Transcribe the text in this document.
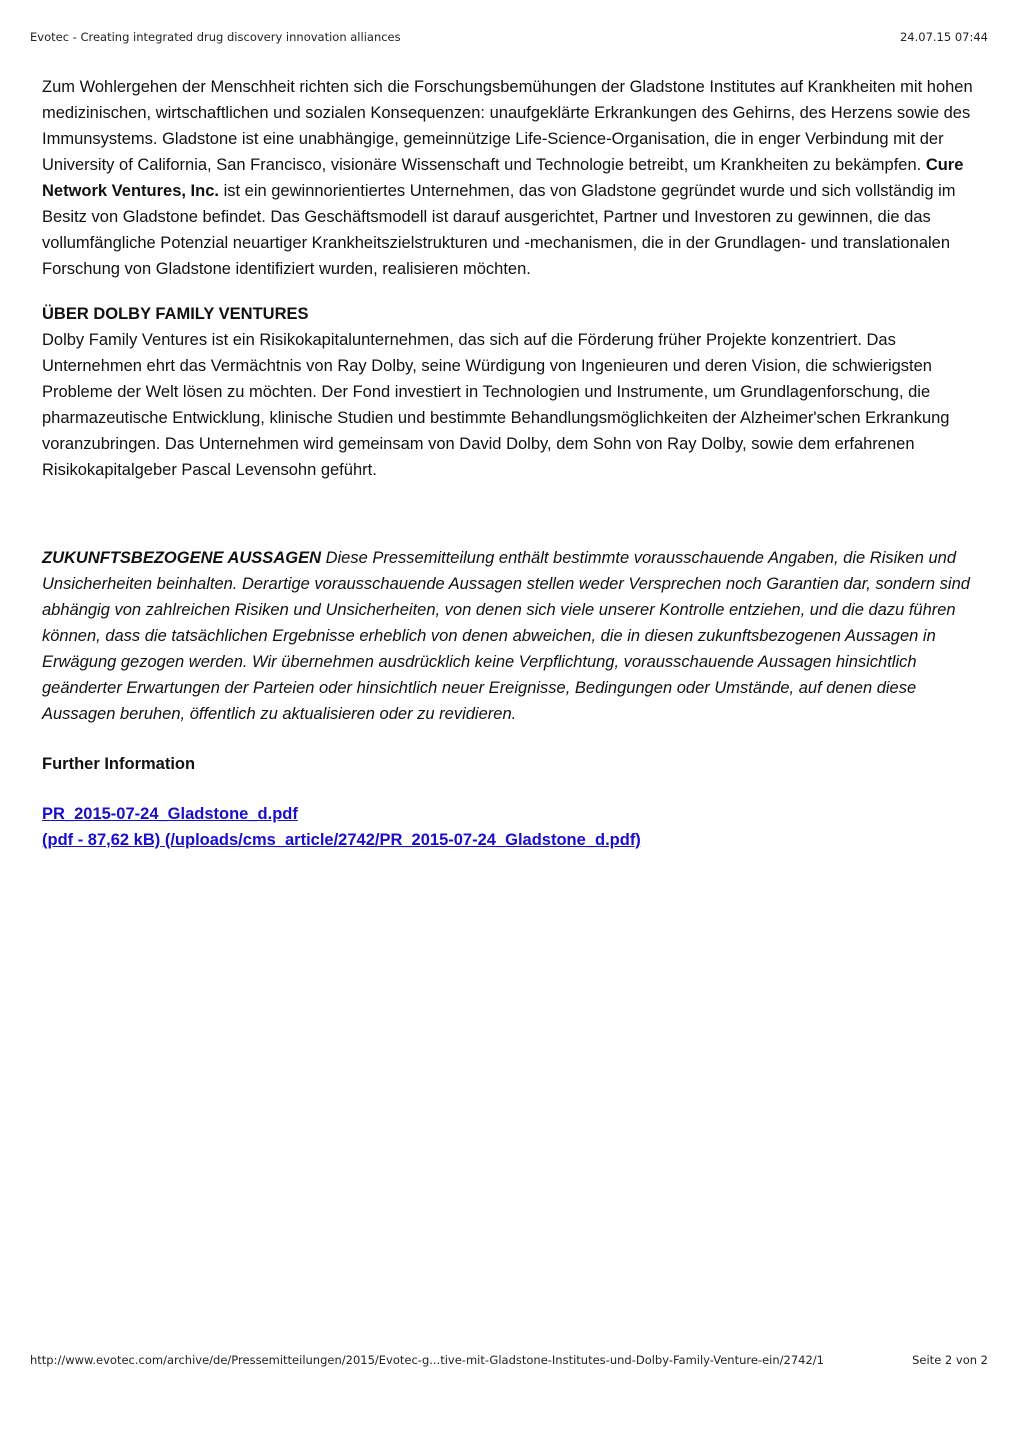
Evotec - Creating integrated drug discovery innovation alliances	24.07.15 07:44

Zum Wohlergehen der Menschheit richten sich die Forschungsbemühungen der Gladstone Institutes auf Krankheiten mit hohen medizinischen, wirtschaftlichen und sozialen Konsequenzen: unaufgeklärte Erkrankungen des Gehirns, des Herzens sowie des Immunsystems. Gladstone ist eine unabhängige, gemeinnützige Life-Science-Organisation, die in enger Verbindung mit der University of California, San Francisco, visionäre Wissenschaft und Technologie betreibt, um Krankheiten zu bekämpfen. Cure Network Ventures, Inc. ist ein gewinnorientiertes Unternehmen, das von Gladstone gegründet wurde und sich vollständig im Besitz von Gladstone befindet. Das Geschäftsmodell ist darauf ausgerichtet, Partner und Investoren zu gewinnen, die das vollumfängliche Potenzial neuartiger Krankheitszielstrukturen und -mechanismen, die in der Grundlagen- und translationalen Forschung von Gladstone identifiziert wurden, realisieren möchten.

ÜBER DOLBY FAMILY VENTURES

Dolby Family Ventures ist ein Risikokapitalunternehmen, das sich auf die Förderung früher Projekte konzentriert. Das Unternehmen ehrt das Vermächtnis von Ray Dolby, seine Würdigung von Ingenieuren und deren Vision, die schwierigsten Probleme der Welt lösen zu möchten. Der Fond investiert in Technologien und Instrumente, um Grundlagenforschung, die pharmazeutische Entwicklung, klinische Studien und bestimmte Behandlungsmöglichkeiten der Alzheimer'schen Erkrankung voranzubringen. Das Unternehmen wird gemeinsam von David Dolby, dem Sohn von Ray Dolby, sowie dem erfahrenen Risikokapitalgeber Pascal Levensohn geführt.

ZUKUNFTSBEZOGENE AUSSAGEN Diese Pressemitteilung enthält bestimmte vorausschauende Angaben, die Risiken und Unsicherheiten beinhalten. Derartige vorausschauende Aussagen stellen weder Versprechen noch Garantien dar, sondern sind abhängig von zahlreichen Risiken und Unsicherheiten, von denen sich viele unserer Kontrolle entziehen, und die dazu führen können, dass die tatsächlichen Ergebnisse erheblich von denen abweichen, die in diesen zukunftsbezogenen Aussagen in Erwägung gezogen werden. Wir übernehmen ausdrücklich keine Verpflichtung, vorausschauende Aussagen hinsichtlich geänderter Erwartungen der Parteien oder hinsichtlich neuer Ereignisse, Bedingungen oder Umstände, auf denen diese Aussagen beruhen, öffentlich zu aktualisieren oder zu revidieren.

Further Information

PR_2015-07-24_Gladstone_d.pdf
(pdf - 87,62 kB) (/uploads/cms_article/2742/PR_2015-07-24_Gladstone_d.pdf)
http://www.evotec.com/archive/de/Pressemitteilungen/2015/Evotec-g...tive-mit-Gladstone-Institutes-und-Dolby-Family-Venture-ein/2742/1	Seite 2 von 2
